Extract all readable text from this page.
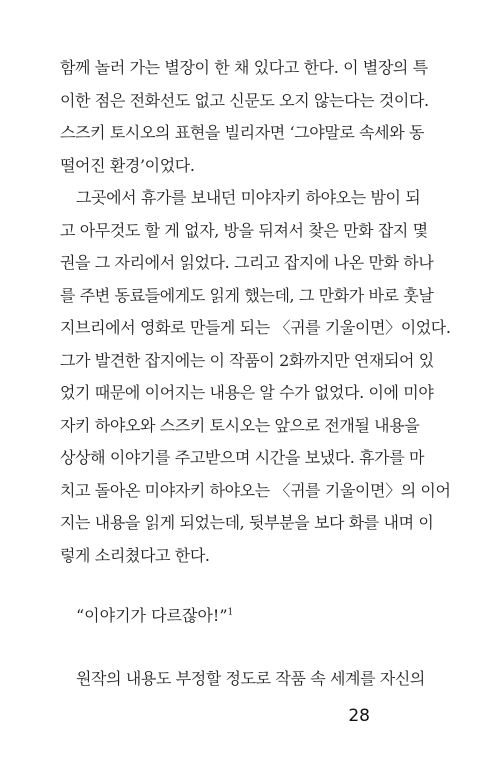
함께 놀러 가는 별장이 한 채 있다고 한다. 이 별장의 특
이한 점은 전화선도 없고 신문도 오지 않는다는 것이다.
스즈키 토시오의 표현을 빌리자면 ‘그야말로 속세와 동
떨어진 환경’이었다.

그곳에서 휴가를 보내던 미야자키 하야오는 밤이 되
고 아무것도 할 게 없자, 방을 뒤져서 찾은 만화 잡지 몇
권을 그 자리에서 읽었다. 그리고 잡지에 나온 만화 하나
를 주변 동료들에게도 읽게 했는데, 그 만화가 바로 훗날
지브리에서 영화로 만들게 되는 〈귀를 기울이면〉이었다.
그가 발견한 잡지에는 이 작품이 2화까지만 연재되어 있
었기 때문에 이어지는 내용은 알 수가 없었다. 이에 미야
자키 하야오와 스즈키 토시오는 앞으로 전개될 내용을
상상해 이야기를 주고받으며 시간을 보냈다. 휴가를 마
치고 돌아온 미야자키 하야오는 〈귀를 기울이면〉의 이어
지는 내용을 읽게 되었는데, 뒷부분을 보다 화를 내며 이
렇게 소리쳤다고 한다.

“이야기가 다르잖아!”$^1$

원작의 내용도 부정할 정도로 작품 속 세계를 자신의

28
